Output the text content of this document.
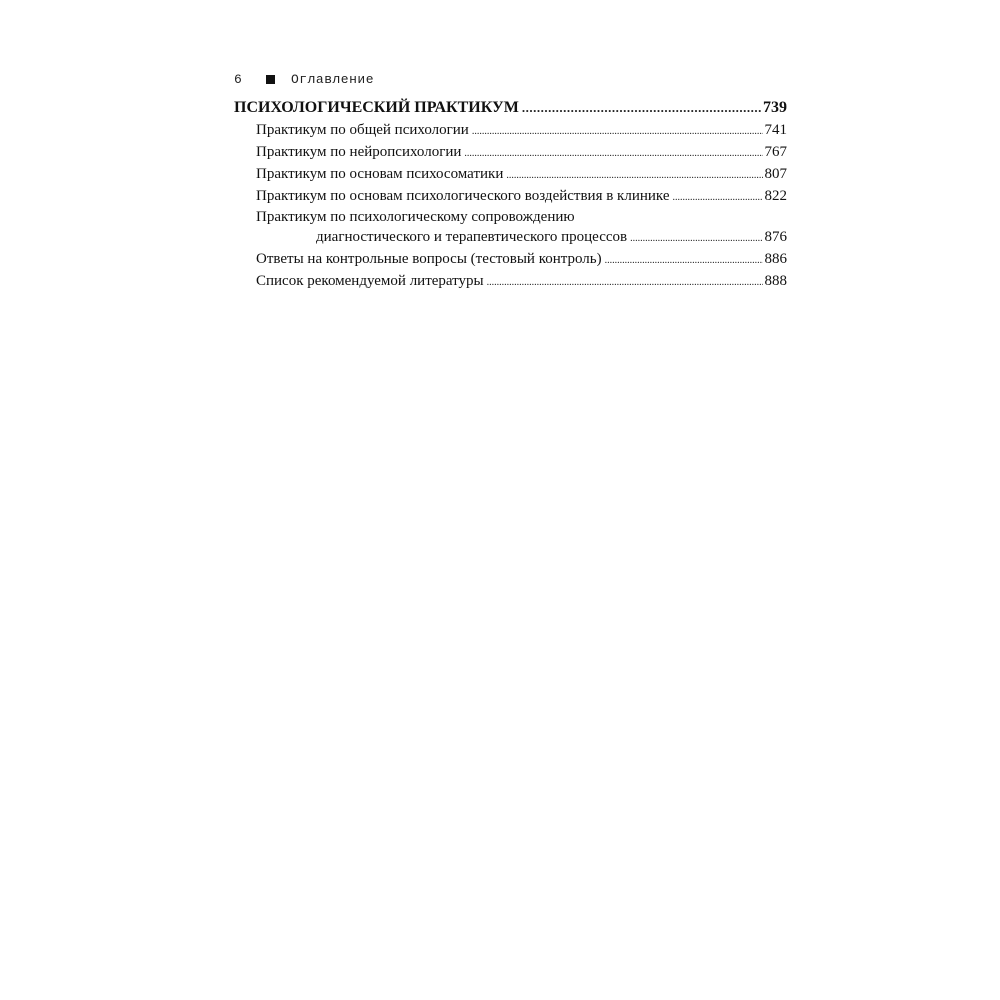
6	Оглавление
ПСИХОЛОГИЧЕСКИЙ ПРАКТИКУМ .....	739
Практикум по общей психологии .....	741
Практикум по нейропсихологии .....	767
Практикум по основам психосоматики .....	807
Практикум по основам психологического воздействия в клинике .....	822
Практикум по психологическому сопровождению
диагностического и терапевтического процессов .....	876
Ответы на контрольные вопросы (тестовый контроль) .....	886
Список рекомендуемой литературы .....	888
